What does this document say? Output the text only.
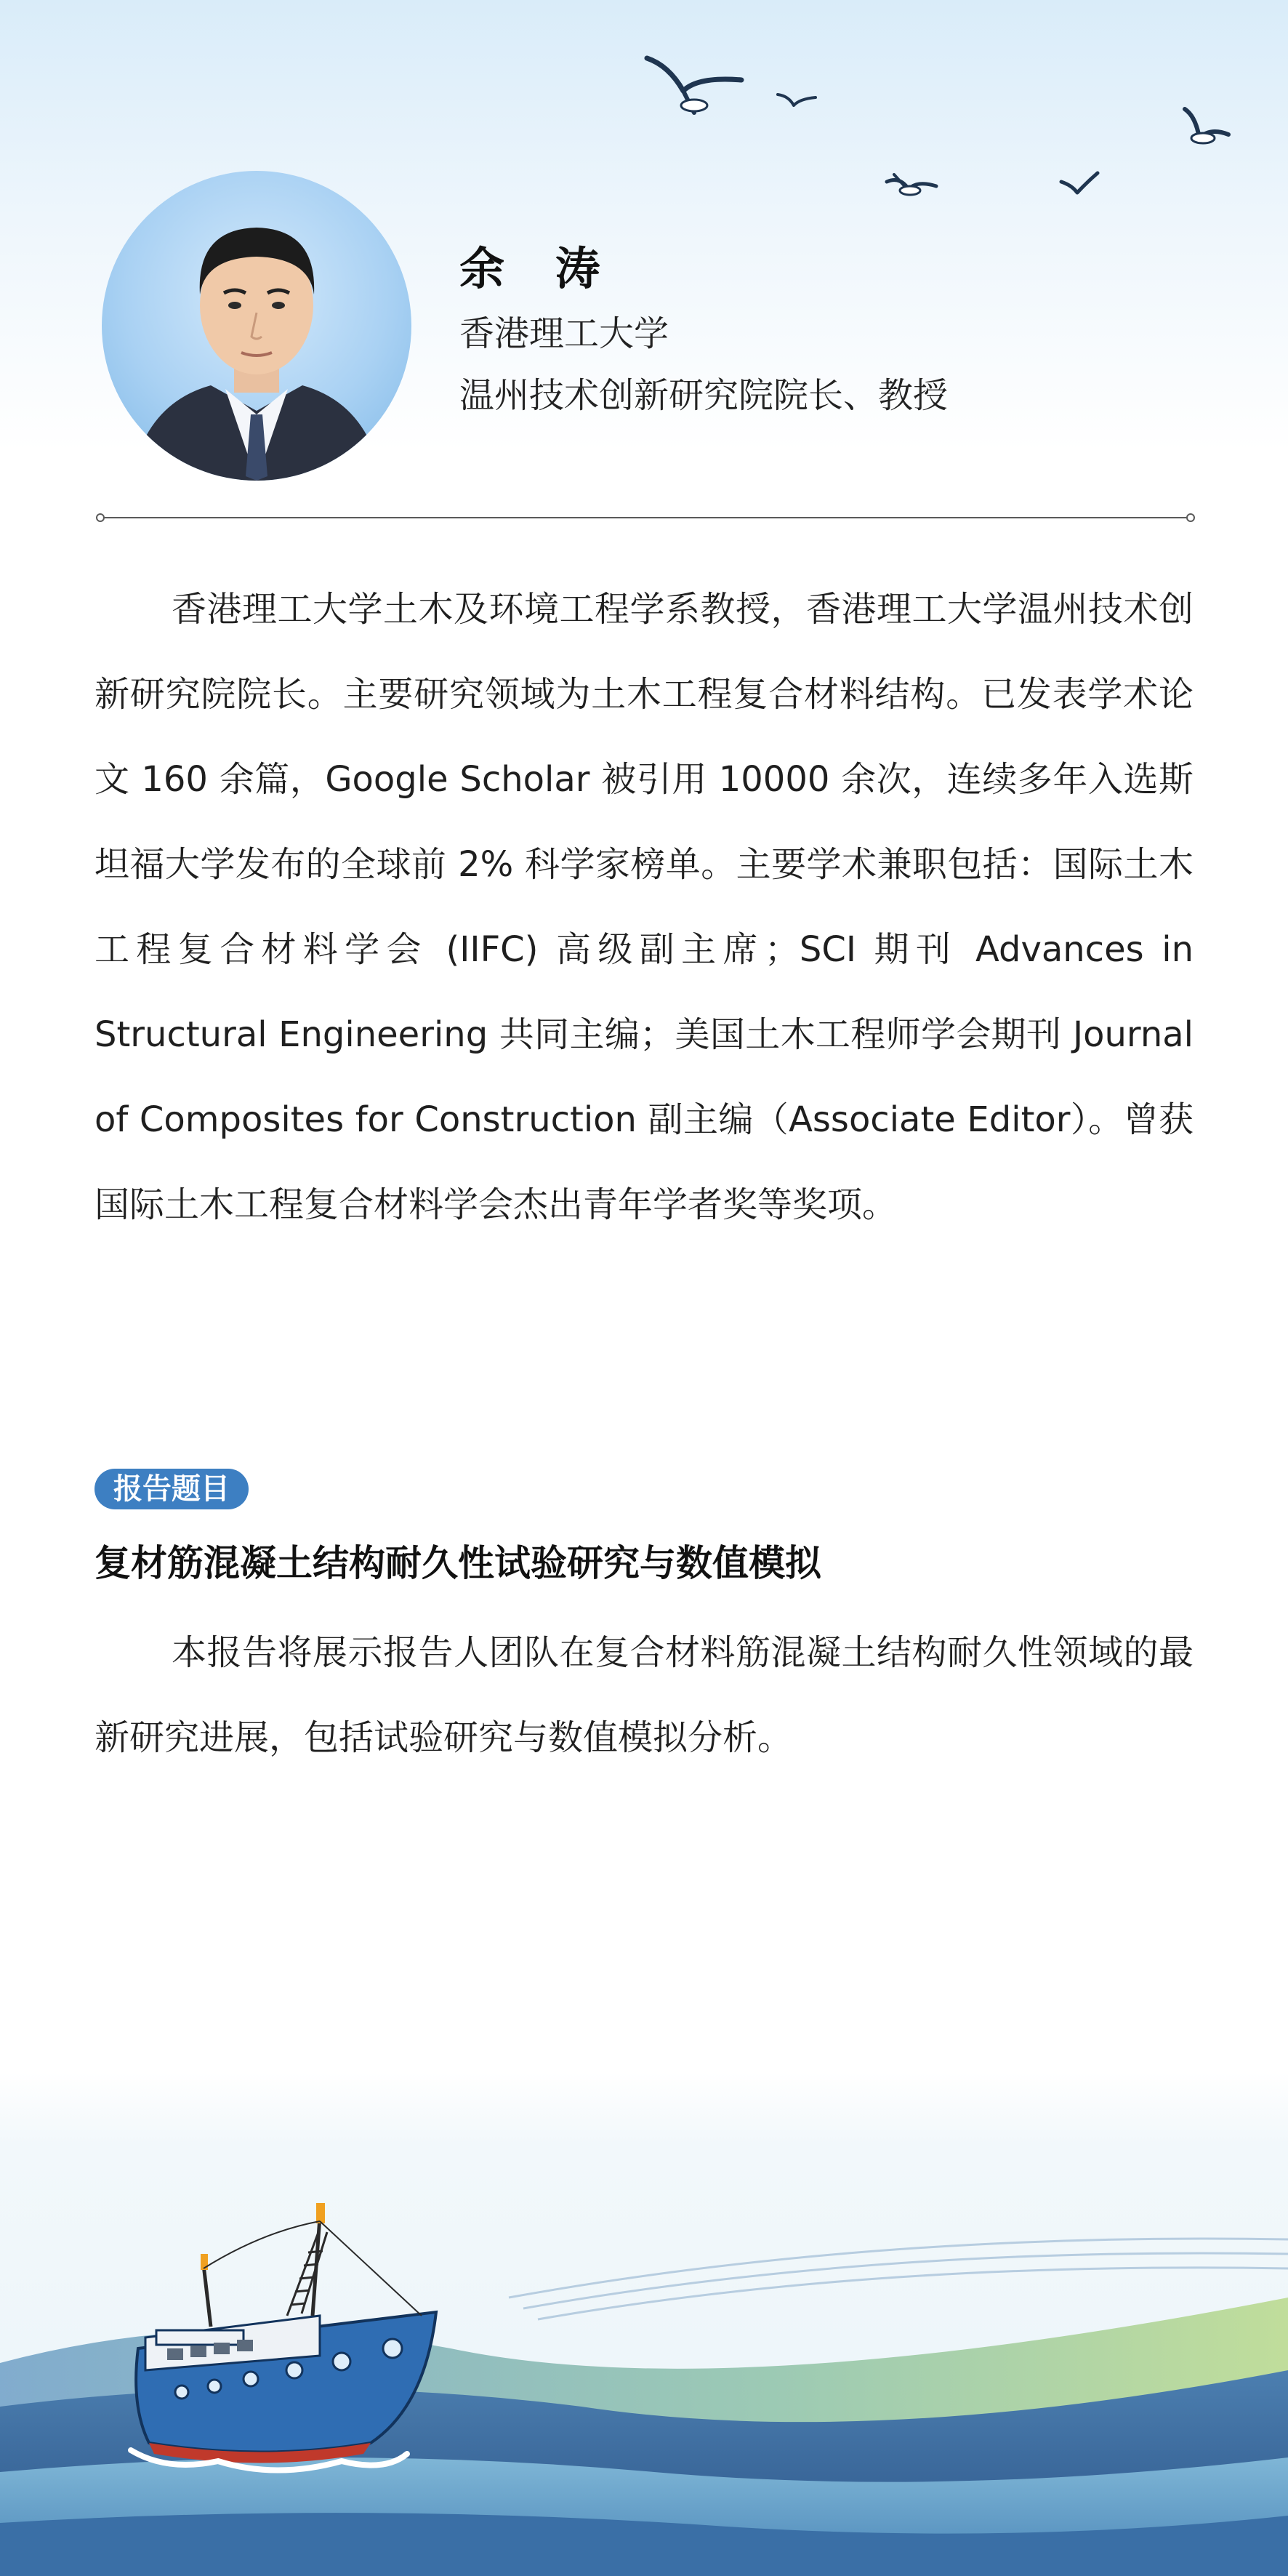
余 涛
香港理工大学
温州技术创新研究院院长、教授

香港理工大学土木及环境工程学系教授，香港理工大学温州技术创新研究院院长。主要研究领域为土木工程复合材料结构。已发表学术论文 160 余篇，Google Scholar 被引用 10000 余次，连续多年入选斯坦福大学发布的全球前 2% 科学家榜单。主要学术兼职包括：国际土木工程复合材料学会 (IIFC) 高级副主席；SCI 期刊 Advances in Structural Engineering 共同主编；美国土木工程师学会期刊 Journal of Composites for Construction 副主编（Associate Editor）。曾获国际土木工程复合材料学会杰出青年学者奖等奖项。

报告题目
复材筋混凝土结构耐久性试验研究与数值模拟

本报告将展示报告人团队在复合材料筋混凝土结构耐久性领域的最新研究进展，包括试验研究与数值模拟分析。
